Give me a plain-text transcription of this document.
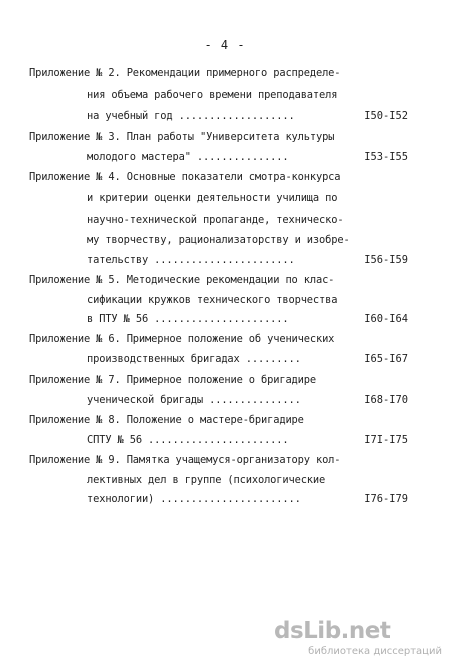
- 4 -
Приложение № 2. Рекомендации примерного распределе-
ния объема рабочего времени преподавателя
на учебный год ...................	I50-I52
Приложение № 3. План работы "Университета культуры
молодого мастера" ...............	I53-I55
Приложение № 4. Основные показатели смотра-конкурса
и критерии оценки деятельности училища по
научно-технической пропаганде, техническо-
му творчеству, рационализаторству и изобре-
тательству .......................	I56-I59
Приложение № 5. Методические рекомендации по клас-
сификации кружков технического творчества
в ПТУ № 56 ......................	I60-I64
Приложение № 6. Примерное положение об ученических
производственных бригадах .........	I65-I67
Приложение № 7. Примерное положение о бригадире
ученической бригады ...............	I68-I70
Приложение № 8. Положение о мастере-бригадире
СПТУ № 56 .......................	I7I-I75
Приложение № 9. Памятка учащемуся-организатору кол-
лективных дел в группе (психологические
технологии) .......................	I76-I79
dsLib.net
библиотека диссертаций
